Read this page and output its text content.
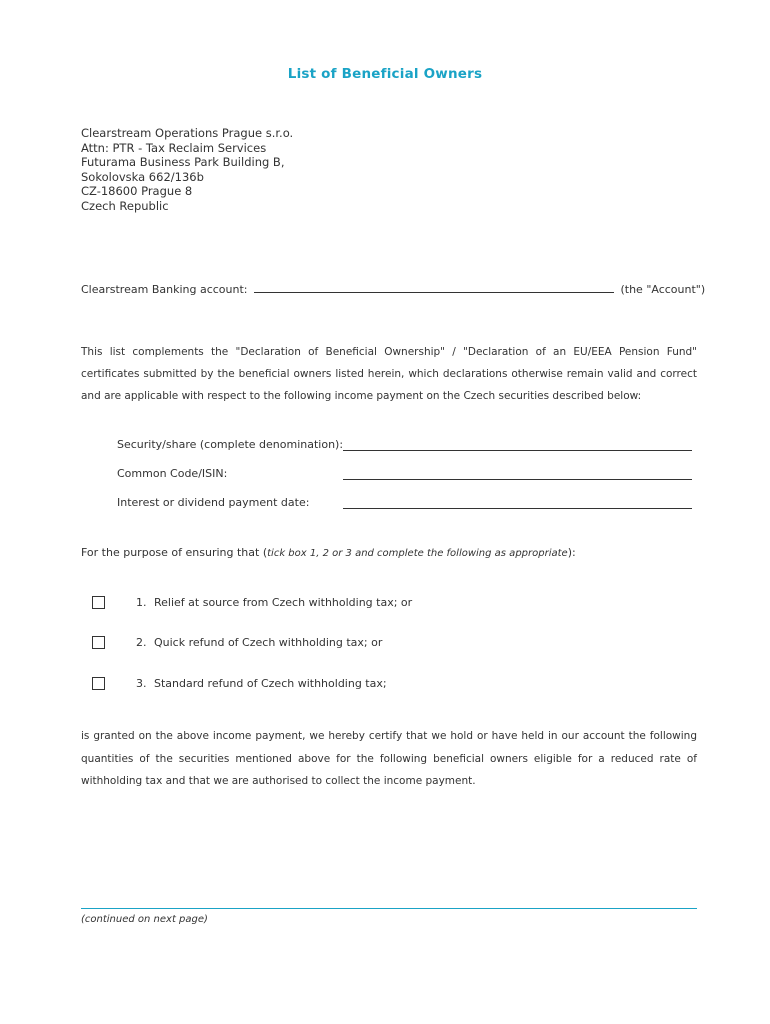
List of Beneficial Owners
Clearstream Operations Prague s.r.o.
Attn: PTR - Tax Reclaim Services
Futurama Business Park Building B,
Sokolovska 662/136b
CZ-18600 Prague 8
Czech Republic
Clearstream Banking account:	(the "Account")
This list complements the "Declaration of Beneficial Ownership" / "Declaration of an EU/EEA Pension Fund" certificates submitted by the beneficial owners listed herein, which declarations otherwise remain valid and correct and are applicable with respect to the following income payment on the Czech securities described below:
Security/share (complete denomination):
Common Code/ISIN:
Interest or dividend payment date:
For the purpose of ensuring that (tick box 1, 2 or 3 and complete the following as appropriate):
1. Relief at source from Czech withholding tax; or
2. Quick refund of Czech withholding tax; or
3. Standard refund of Czech withholding tax;
is granted on the above income payment, we hereby certify that we hold or have held in our account the following quantities of the securities mentioned above for the following beneficial owners eligible for a reduced rate of withholding tax and that we are authorised to collect the income payment.
(continued on next page)
